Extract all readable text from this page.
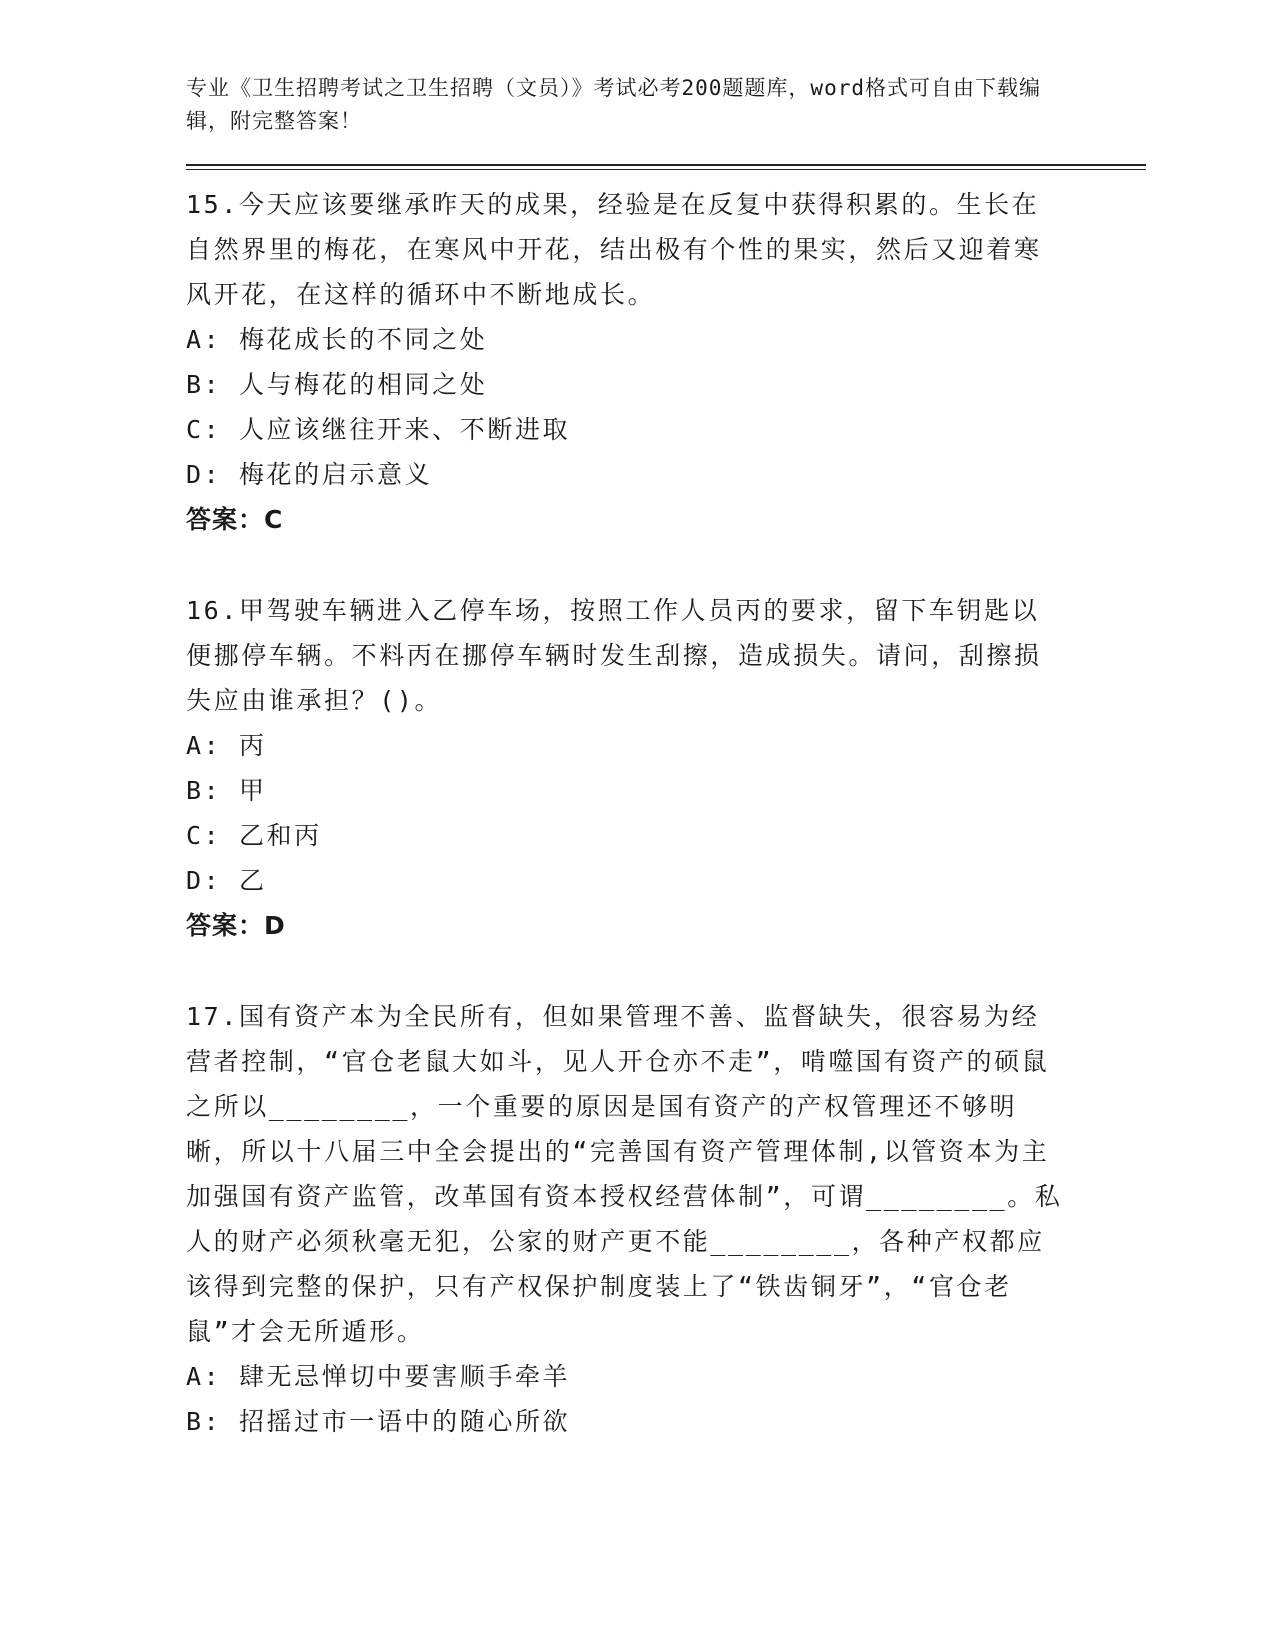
专业《卫生招聘考试之卫生招聘（文员）》考试必考200题题库，word格式可自由下载编辑，附完整答案！
15.今天应该要继承昨天的成果，经验是在反复中获得积累的。生长在自然界里的梅花，在寒风中开花，结出极有个性的果实，然后又迎着寒风开花，在这样的循环中不断地成长。
A: 梅花成长的不同之处
B: 人与梅花的相同之处
C: 人应该继往开来、不断进取
D: 梅花的启示意义
答案：C
16.甲驾驶车辆进入乙停车场，按照工作人员丙的要求，留下车钥匙以便挪停车辆。不料丙在挪停车辆时发生刮擦，造成损失。请问，刮擦损失应由谁承担？()。
A: 丙
B: 甲
C: 乙和丙
D: 乙
答案：D
17.国有资产本为全民所有，但如果管理不善、监督缺失，很容易为经营者控制，“官仓老鼠大如斗，见人开仓亦不走”，啃噬国有资产的硕鼠之所以________，一个重要的原因是国有资产的产权管理还不够明晰，所以十八届三中全会提出的“完善国有资产管理体制,以管资本为主加强国有资产监管，改革国有资本授权经营体制”，可谓________。私人的财产必须秋毫无犯，公家的财产更不能________，各种产权都应该得到完整的保护，只有产权保护制度装上了“铁齿铜牙”，“官仓老鼠”才会无所遁形。
A: 肆无忌惮切中要害顺手牵羊
B: 招摇过市一语中的随心所欲
